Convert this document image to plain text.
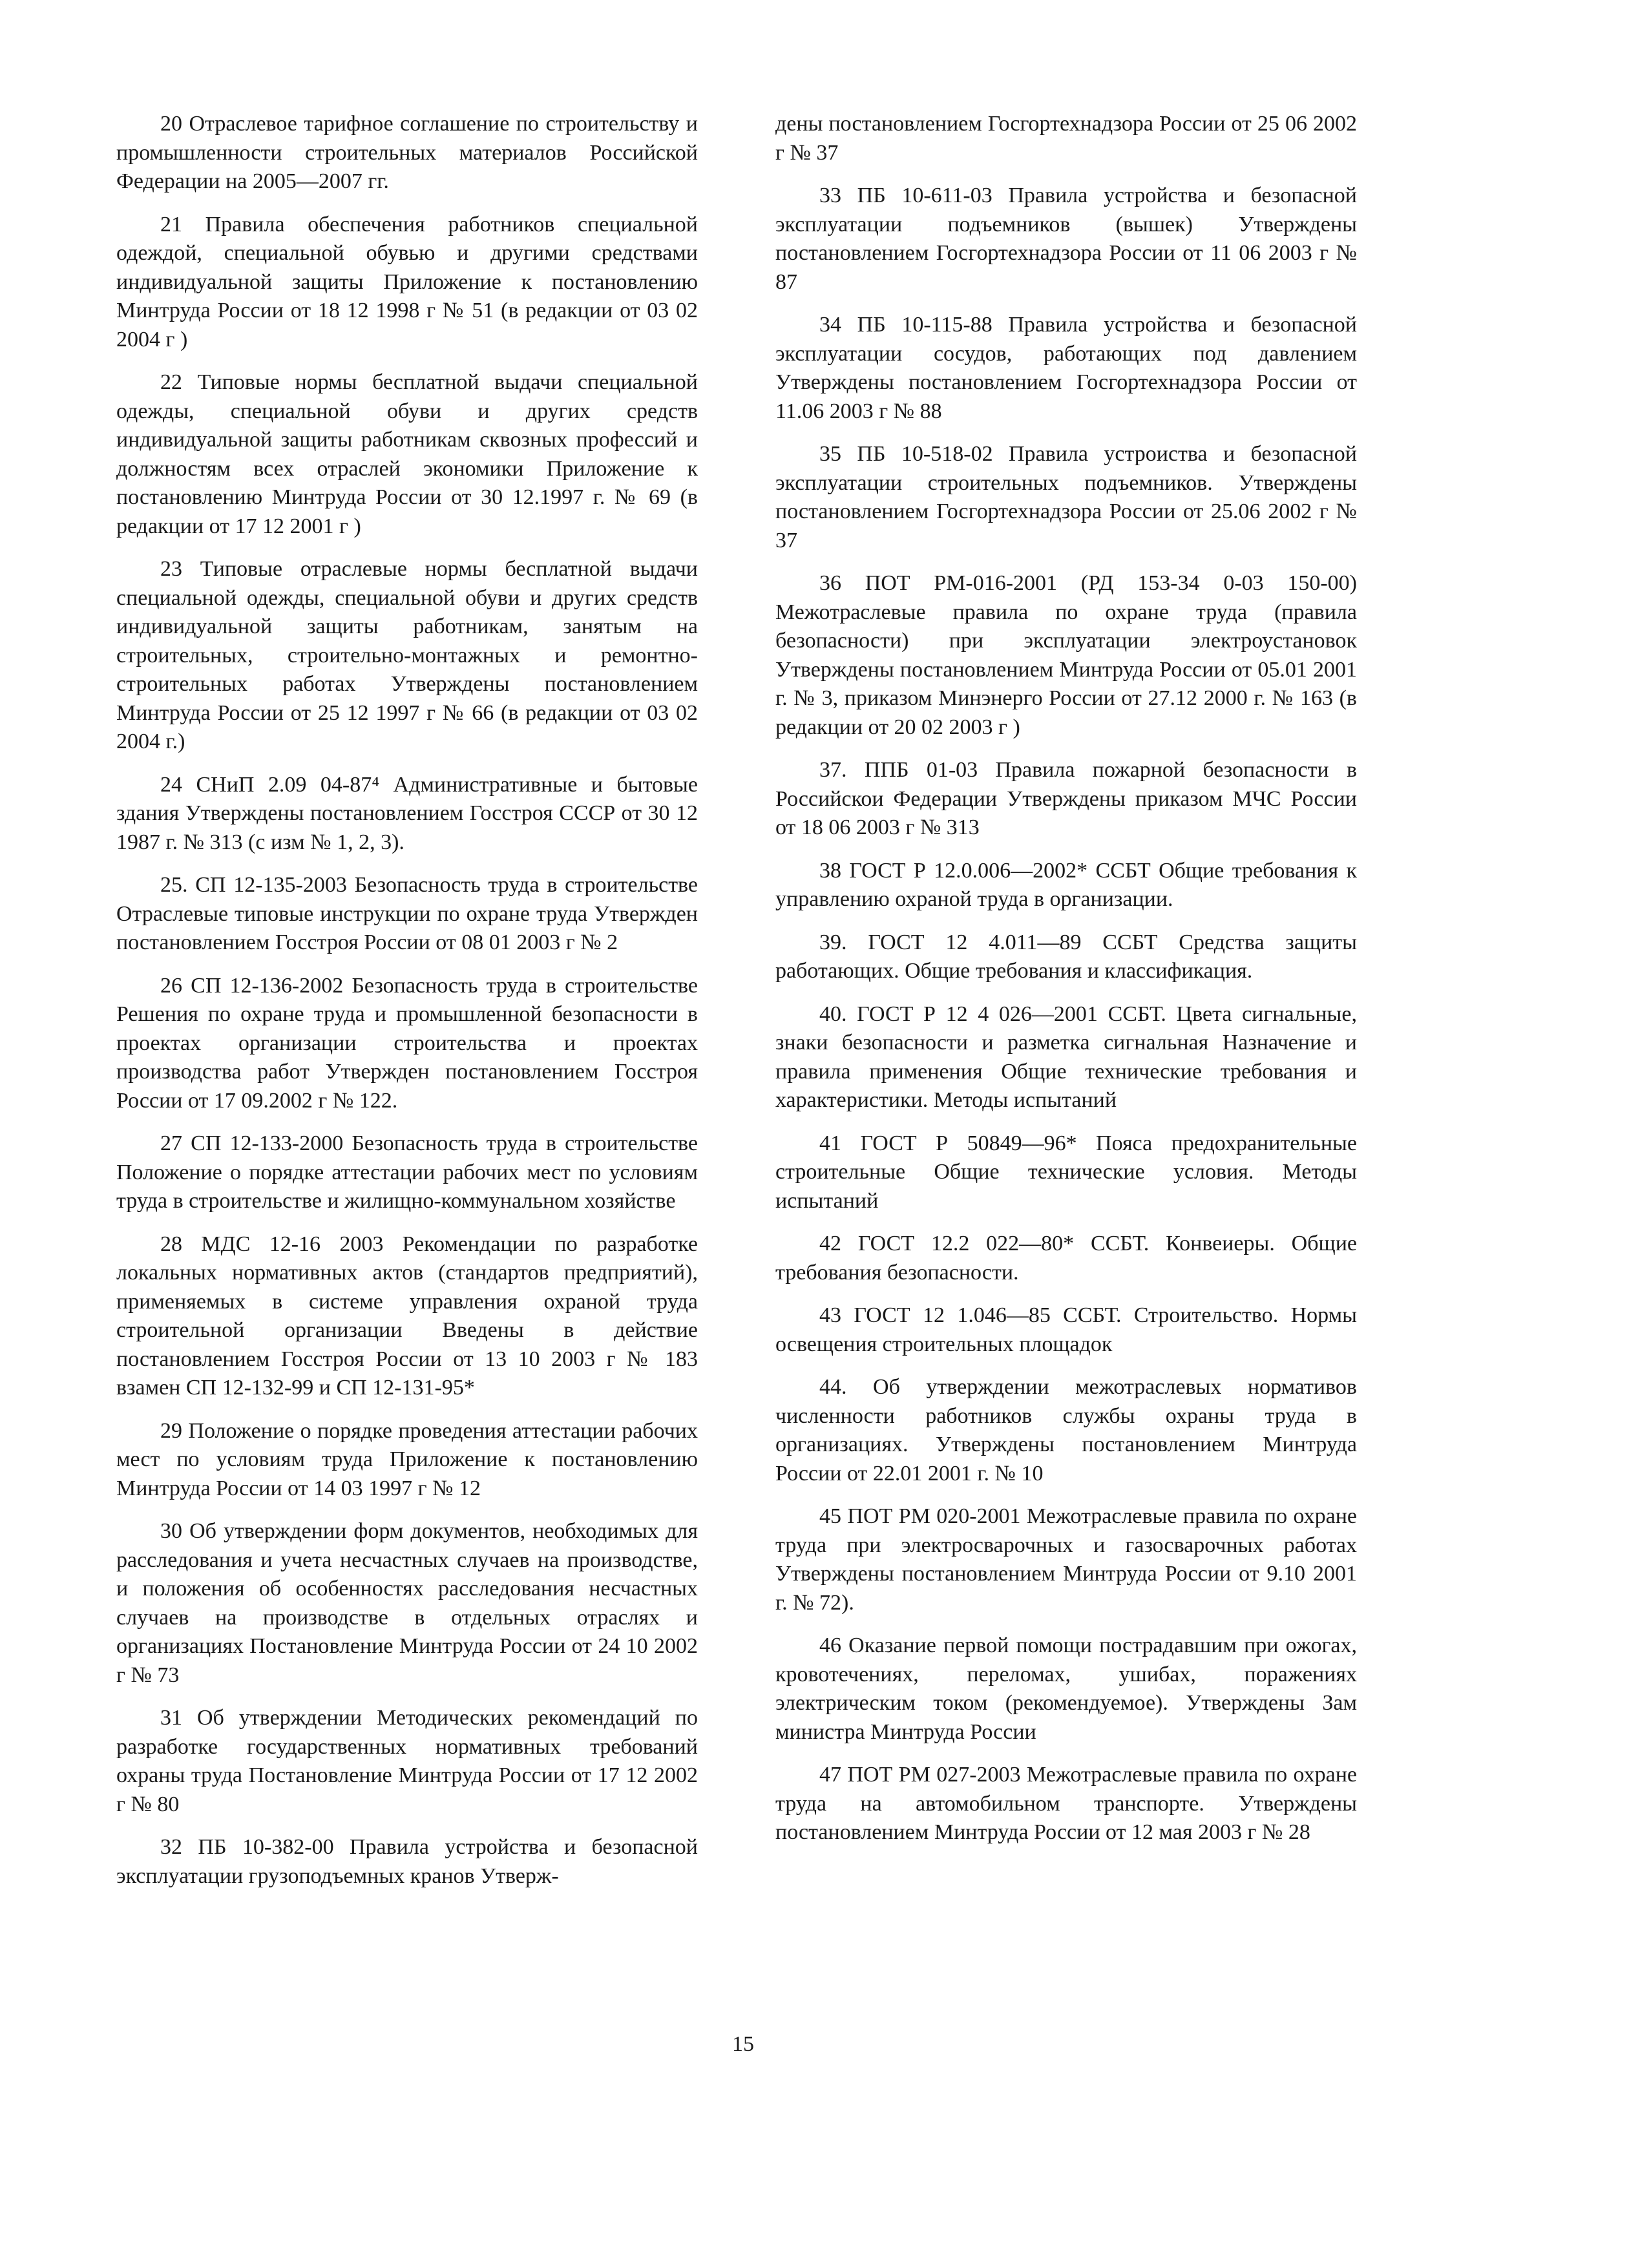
20 Отраслевое тарифное соглашение по строительству и промышленности строительных материалов Российской Федерации на 2005—2007 гг.

21 Правила обеспечения работников специальной одеждой, специальной обувью и другими средствами индивидуальной защиты Приложение к постановлению Минтруда России от 18 12 1998 г № 51 (в редакции от 03 02 2004 г )

22 Типовые нормы бесплатной выдачи специальной одежды, специальной обуви и других средств индивидуальной защиты работникам сквозных профессий и должностям всех отраслей экономики Приложение к постановлению Минтруда России от 30 12.1997 г. № 69 (в редакции от 17 12 2001 г )

23 Типовые отраслевые нормы бесплатной выдачи специальной одежды, специальной обуви и других средств индивидуальной защиты работникам, занятым на строительных, строительно-монтажных и ремонтно-строительных работах Утверждены постановлением Минтруда России от 25 12 1997 г № 66 (в редакции от 03 02 2004 г.)

24 СНиП 2.09 04-87⁴ Административные и бытовые здания Утверждены постановлением Госстроя СССР от 30 12 1987 г. № 313 (с изм № 1, 2, 3).

25. СП 12-135-2003 Безопасность труда в строительстве Отраслевые типовые инструкции по охране труда Утвержден постановлением Госстроя России от 08 01 2003 г № 2

26 СП 12-136-2002 Безопасность труда в строительстве Решения по охране труда и промышленной безопасности в проектах организации строительства и проектах производства работ Утвержден постановлением Госстроя России от 17 09.2002 г № 122.

27 СП 12-133-2000 Безопасность труда в строительстве Положение о порядке аттестации рабочих мест по условиям труда в строительстве и жилищно-коммунальном хозяйстве

28 МДС 12-16 2003 Рекомендации по разработке локальных нормативных актов (стандартов предприятий), применяемых в системе управления охраной труда строительной организации Введены в действие постановлением Госстроя России от 13 10 2003 г № 183 взамен СП 12-132-99 и СП 12-131-95*

29 Положение о порядке проведения аттестации рабочих мест по условиям труда Приложение к постановлению Минтруда России от 14 03 1997 г № 12

30 Об утверждении форм документов, необходимых для расследования и учета несчастных случаев на производстве, и положения об особенностях расследования несчастных случаев на производстве в отдельных отраслях и организациях Постановление Минтруда России от 24 10 2002 г № 73

31 Об утверждении Методических рекомендаций по разработке государственных нормативных требований охраны труда Постановление Минтруда России от 17 12 2002 г № 80

32 ПБ 10-382-00 Правила устройства и безопасной эксплуатации грузоподъемных кранов Утверж-

дены постановлением Госгортехнадзора России от 25 06 2002 г № 37

33 ПБ 10-611-03 Правила устройства и безопасной эксплуатации подъемников (вышек) Утверждены постановлением Госгортехнадзора России от 11 06 2003 г № 87

34 ПБ 10-115-88 Правила устройства и безопасной эксплуатации сосудов, работающих под давлением Утверждены постановлением Госгортехнадзора России от 11.06 2003 г № 88

35 ПБ 10-518-02 Правила устроиства и безопасной эксплуатации строительных подъемников. Утверждены постановлением Госгортехнадзора России от 25.06 2002 г № 37

36 ПОТ РМ-016-2001 (РД 153-34 0-03 150-00) Межотраслевые правила по охране труда (правила безопасности) при эксплуатации электроустановок Утверждены постановлением Минтруда России от 05.01 2001 г. № 3, приказом Минэнерго России от 27.12 2000 г. № 163 (в редакции от 20 02 2003 г )

37. ППБ 01-03 Правила пожарной безопасности в Российскои Федерации Утверждены приказом МЧС России от 18 06 2003 г № 313

38 ГОСТ Р 12.0.006—2002* ССБТ Общие требования к управлению охраной труда в организации.

39. ГОСТ 12 4.011—89 ССБТ Средства защиты работающих. Общие требования и классификация.

40. ГОСТ Р 12 4 026—2001 ССБТ. Цвета сигнальные, знаки безопасности и разметка сигнальная Назначение и правила применения Общие технические требования и характеристики. Методы испытаний

41 ГОСТ Р 50849—96* Пояса предохранительные строительные Общие технические условия. Методы испытаний

42 ГОСТ 12.2 022—80* ССБТ. Конвеиеры. Общие требования безопасности.

43 ГОСТ 12 1.046—85 ССБТ. Строительство. Нормы освещения строительных площадок

44. Об утверждении межотраслевых нормативов численности работников службы охраны труда в организациях. Утверждены постановлением Минтруда России от 22.01 2001 г. № 10

45 ПОТ РМ 020-2001 Межотраслевые правила по охране труда при электросварочных и газосварочных работах Утверждены постановлением Минтруда России от 9.10 2001 г. № 72).

46 Оказание первой помощи пострадавшим при ожогах, кровотечениях, переломах, ушибах, поражениях электрическим током (рекомендуемое). Утверждены Зам министра Минтруда России

47 ПОТ РМ 027-2003 Межотраслевые правила по охране труда на автомобильном транспорте. Утверждены постановлением Минтруда России от 12 мая 2003 г № 28

15
